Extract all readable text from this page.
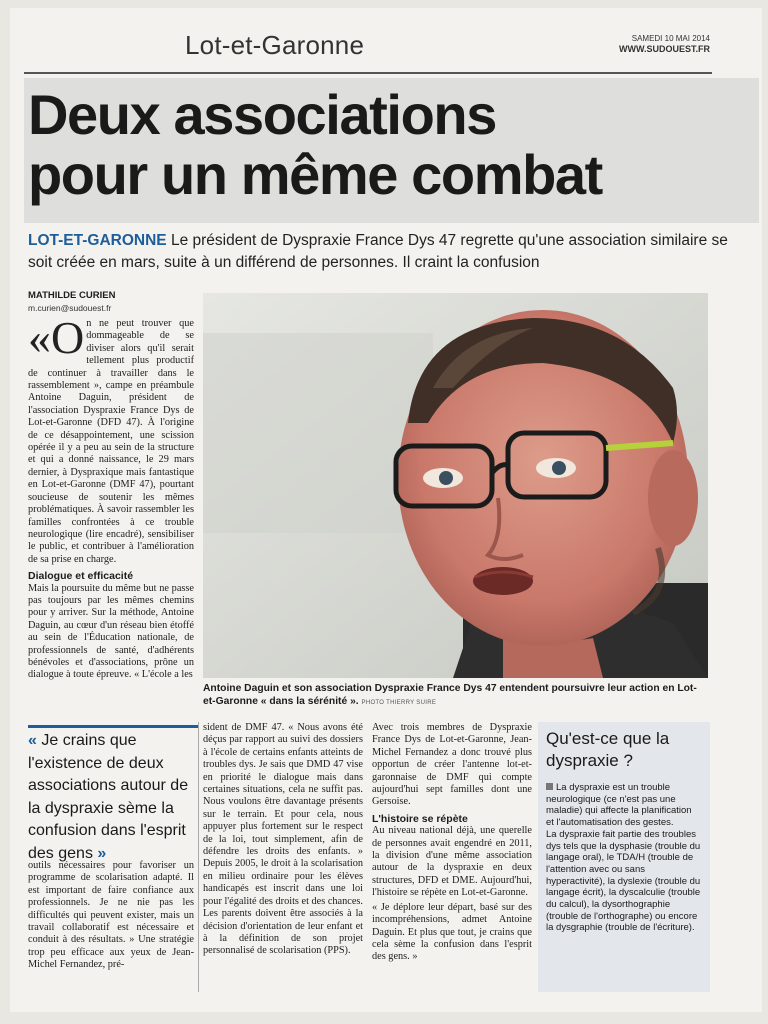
Lot-et-Garonne	SAMEDI 10 MAI 2014
WWW.SUDOUEST.FR
Deux associations
pour un même combat

LOT-ET-GARONNE Le président de Dyspraxie France Dys 47 regrette qu'une association similaire se soit créée en mars, suite à un différend de personnes. Il craint la confusion

MATHILDE CURIEN
m.curien@sudouest.fr
«O n ne peut trouver que dommageable de se diviser alors qu'il serait tellement plus productif de continuer à travailler dans le rassemblement », campe en préambule Antoine Daguin, président de l'association Dyspraxie France Dys de Lot-et-Garonne (DFD 47). À l'origine de ce désappointement, une scission opérée il y a peu au sein de la structure et qui a donné naissance, le 29 mars dernier, à Dyspraxique mais fantastique en Lot-et-Garonne (DMF 47), pourtant soucieuse de soutenir les mêmes problématiques. À savoir rassembler les familles confrontées à ce trouble neurologique (lire encadré), sensibiliser le public, et contribuer à l'amélioration de sa prise en charge.
Dialogue et efficacité
Mais la poursuite du même but ne passe pas toujours par les mêmes chemins pour y arriver. Sur la méthode, Antoine Daguin, au cœur d'un réseau bien étoffé au sein de l'Éducation nationale, de professionnels de santé, d'adhérents bénévoles et d'associations, prône un dialogue à toute épreuve. « L'école a les

Antoine Daguin et son association Dyspraxie France Dys 47 entendent poursuivre leur action en Lot-et-Garonne « dans la sérénité ». PHOTO THIERRY SUIRE

« Je crains que l'existence de deux associations autour de la dyspraxie sème la confusion dans l'esprit des gens »
outils nécessaires pour favoriser un programme de scolarisation adapté. Il est important de faire confiance aux professionnels. Je ne nie pas les difficultés qui peuvent exister, mais un travail collaboratif est nécessaire et conduit à des résultats. » Une stratégie trop peu efficace aux yeux de Jean-Michel Fernandez, pré-
sident de DMF 47. « Nous avons été déçus par rapport au suivi des dossiers à l'école de certains enfants atteints de troubles dys. Je sais que DMD 47 vise en priorité le dialogue mais dans certaines situations, cela ne suffit pas. Nous voulons être davantage présents sur le terrain. Et pour cela, nous appuyer plus fortement sur le respect de la loi, tout simplement, afin de défendre les droits des enfants. » Depuis 2005, le droit à la scolarisation en milieu ordinaire pour les élèves handicapés est inscrit dans une loi pour l'égalité des droits et des chances. Les parents doivent être associés à la décision d'orientation de leur enfant et à la définition de son projet personnalisé de scolarisation (PPS).
Avec trois membres de Dyspraxie France Dys de Lot-et-Garonne, Jean-Michel Fernandez a donc trouvé plus opportun de créer l'antenne lot-et-garonnaise de DMF qui compte aujourd'hui sept familles dont une Gersoise.
L'histoire se répète
Au niveau national déjà, une querelle de personnes avait engendré en 2011, la division d'une même association autour de la dyspraxie en deux structures, DFD et DME. Aujourd'hui, l'histoire se répète en Lot-et-Garonne.
« Je déplore leur départ, basé sur des incompréhensions, admet Antoine Daguin. Et plus que tout, je crains que cela sème la confusion dans l'esprit des gens. »
Qu'est-ce que la dyspraxie ?
La dyspraxie est un trouble neurologique (ce n'est pas une maladie) qui affecte la planification et l'automatisation des gestes.
La dyspraxie fait partie des troubles dys tels que la dysphasie (trouble du langage oral), le TDA/H (trouble de l'attention avec ou sans hyperactivité), la dyslexie (trouble du langage écrit), la dyscalculie (trouble du calcul), la dysorthographie (trouble de l'orthographe) ou encore la dysgraphie (trouble de l'écriture).
